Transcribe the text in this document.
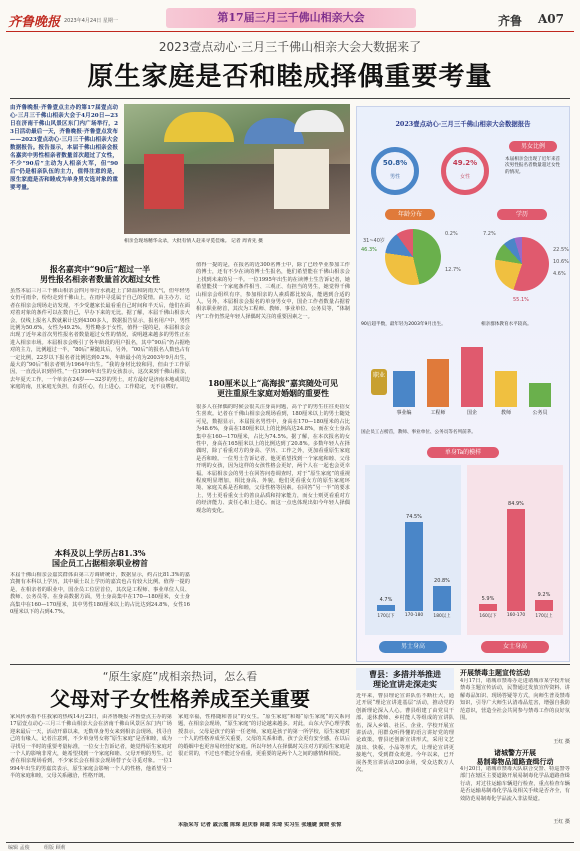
齐鲁晚报 2023年4月24日 星期一	第17届三月三千佛山相亲大会	齐鲁 A07
2023壹点动心·三月三千佛山相亲大会大数据来了
原生家庭是否和睦成择偶重要考量
由齐鲁晚报·齐鲁壹点主办的第17届壹点动心·三月三千佛山相亲大会于4月20日—23日在济南千佛山风景区东门内广场举行，23日活动最后一天，齐鲁晚报·齐鲁壹点发布——2023壹点动心·三月三千佛山相亲大会数据报告。报告显示，本届千佛山相亲会报名嘉宾中男性相亲者数量首次超过了女性，不少“90后”主动为人相亲大军，但“90后”仍是相亲队伍的主力，值得注意的是，原生家庭是否和睦成为单身男女选对象的重要考量。
相亲会现场精华众录，大批有情人赶来寻觅佳缘。 记者 周青先 摄
报名嘉宾中“90后”超过一半
男性报名相亲者数量首次超过女性
虽然本届三月三千佛山相亲会四月举行水就赶上了降温和阴雨天气，但年轻男女仍可雨伞，纷纷走到千佛山上，在雨中寻觅属于自己的爱情。由主办方、记者在相亲会现场走访发现，不少受邀家长最看重自己时间和半天后，他们在面对着对象的条件可以在数自己，早办下来的无比。据了解，本届千佛山相亲大会，仅线上报名人数就累计达到4300多人，数据报告显示，报名用户中，男性比例为50.6%，女性为49.2%。男性略多于女性，值得一提的是，本届相亲会出现了近年来首次男性报名者数量超过女性的情况，说明越来越多的男性正在进入相亲市场。本届相亲会吸引了各年龄段的用户报名，其中“90后”仍占据绝对的主力，比例超过一半，“80后”紧随其后，另外，“00后”的报名人数也占有一定比例，22岁以下报名者比例达到0.2%，年龄最小的为2003年9月出生，最大的“90后”相亲者则为1964年出生。“我的身材比较和同，但由于工作原因，一直没认识到异性，”一位1996年出生的女孩表示，这次来到千佛山相亲，去年夏天工作，一个单亲在24岁——32岁的男士，对方最好是济南本地或周边家庭的南，且家庭无负担，有责任心，有上进心，工作稳定，无不良嗜好。
本科及以上学历占81.3%
国企员工占据相亲职业榜首
本届千佛山相亲会嘉宾群体由第三方调研统计，数据显示，约占比81.3%的嘉宾拥有本科以上学历，其中硕士以上学历的嘉宾也占有较大比例。值得一提的是，在相亲者的职业中，国企员工位居首位，其次是工程师、事业单位人员、教师、公务员等。在身高数据方面，男士身高集中在170—180厘米，女士身高集中在160—170厘米，其中男性180厘米以上的占比达到24.8%，女性160厘米以下的占到4.7%。
值得一提的是，在报名的近300名博士中，除了已经毕业参加工作的博士，还有不少在读的博士生报名，他们希望能在千佛山相亲会上找到未来的另一半。一位1995年出生的在读博士生告诉记者，她希望能找一个家庭条件相当、三观正、有担当的男生，她觉得千佛山相亲会组织有序，参加相亲的人素质都比较高，能遇到合适的人。另外，本届相亲会报名的单身男女中，国企工作者数量占据着相亲职业榜首，其次为工程师、教师、事业单位、公务员等，“体制内”工作仍然是年轻人择偶时关注的重要因素之一。
180厘米以上“高海拔”嘉宾随处可见
更注重原生家庭对婚姻的重要性
很多人在择偶的时候会很关注身高问题，高个子的男生往往更招女生喜欢。记者在千佛山相亲会现场看到，180厘米以上的男士随处可见，数据显示，本届报名男性中，身高在170—180厘米的占比为48.6%，身高在180厘米以上的比例高达24.8%，而在女士身高集中在160—170厘米，占比为74.5%。据了解，在本次报名的女性中，身高在165厘米以上的比例达到了20.8%。多数年轻人在择偶时，除了看重对方的身高、学历、工作之外，更加看重原生家庭是否和睦。一位男士告诉记者，他更希望找到一个家庭和睦、父母开明的女孩，因为这样的女孩性格会更好，两个人在一起也会更幸福。本届相亲会的男士在回答问卷调查时，对于“原生家庭”的重视程度明显增加，相比身高、外貌，他们更看重女方的原生家庭环境、家庭关系是否和睦，父母性格等因素。在回答“另一半”的要求上，男士更看重女士的善良品质和持家能力，而女士则更看重对方的经济能力、责任心和上进心。而这一点也体现出如今年轻人择偶观念的变化。
2023壹点动心·三月三千佛山相亲大会数据报告
男女比例
50.8%
男性
49.2%
女性
本届相亲会出现了近年来首次男性报名者数量超过女性的情况。
年龄分布
46.3%
31~40岁
0.2%
12.7%
90后超半数，最年轻为2003年9月出生。
学历
55.1%
22.5%
10.6%
7.2%
4.6%
相亲群体教育水平较高。
职业
事业编	工程师	国企	教师	公务员
国企员工占榜首，教师、事业单位、公务员等名列前茅。
单身Ta的模样
4.7%
170以下
74.5%
170-180
20.8%
180以上
5.9%
160以下
84.9%
160-170
9.2%
170以上
男士身高	女士身高
“原生家庭”成相亲热词，怎么看
父母对子女性格养成至关重要
家风传承指不住我家的热线14月23日，由齐鲁晚报·齐鲁壹点主办的第17届壹点动心·三月三千佛山相亲大会在济南千佛山风景区东门内广场迎来最后一天，活动开幕以来，无数单身男女来到相亲会现场，找寻自己的有缘人，记者注意到，不少单身男女将“原生家庭”是否和睦，成为寻找另一半时的重要考量标准，一位女士告诉记者，她觉得原生家庭对一个人的影响非常大，她希望找到一个家庭和睦、父母开明的男生。记者在相亲现场看到，不少家长会在相亲会现场替子女寻觅对象。一位1994年出生的男嘉宾表示，原生家庭会影响一个人的性格，他希望另一半的家庭和睦，父母关系融洽，性格开朗。
家庭幸福，性格随和善良”的女生。“原生家庭”和婚“原生家庭”的关系问题，在相亲会现场，“原生家庭”的讨论越来越多。对此，山东大学心理学教授表示，父母是孩子的第一任老师，家庭是孩子的第一所学校，原生家庭对一个人的性格养成至关重要，父母的关系和谐，孩子会更有安全感，在以后的婚姻中也更容易经营好家庭。所以年轻人在择偶时关注对方的原生家庭是很正常的，不过也不能过分看重，更重要的是两个人之间的感情和相处。
本版采写 记者 戚云霞 陈琛 赵庆春 商雄 朱琦 实习生 张瑾婕 黄晓 张惊
曹县：多措并举推进
理论宣讲走深走实
近年来，曹县理论宣讲队伍不断壮大，通过开展“理论宣讲进基层”活动，推动党的创新理论深入人心。曹县组建了由党员干部、退休教师、乡村能人等组成的宣讲队伍，深入乡镇、社区、企业、学校开展宣讲活动，用群众听得懂的语言讲好党的理论政策。曹县还创新宣讲形式，采用文艺演出、快板、小品等形式，让理论宣讲更接地气，受到群众欢迎。今年以来，已开展各类宣讲活动200余场，受众达数万人次。
开展禁毒主题宣传活动
4月17日，诸城市禁毒办走进诸城市某学校开展禁毒主题宣传活动，民警通过发放宣传资料、讲解毒品知识、现场答疑等方式，向师生普及禁毒知识，引导广大师生认清毒品危害，增强自我防范意识，营造全社会共同参与禁毒工作的良好氛围。
王红 摄
诸城警方开展
易制毒物品道路查缉行动
4月20日，诸城市禁毒大队联合交警、特巡警等部门在辖区主要道路开展易制毒化学品道路查缉行动，对过往运输车辆进行检查，重点检查车辆是否运输易制毒化学品及相关手续是否齐全，有效防范易制毒化学品流入非法渠道。
王红 摄
编辑 孟俊	组版 顾莉
